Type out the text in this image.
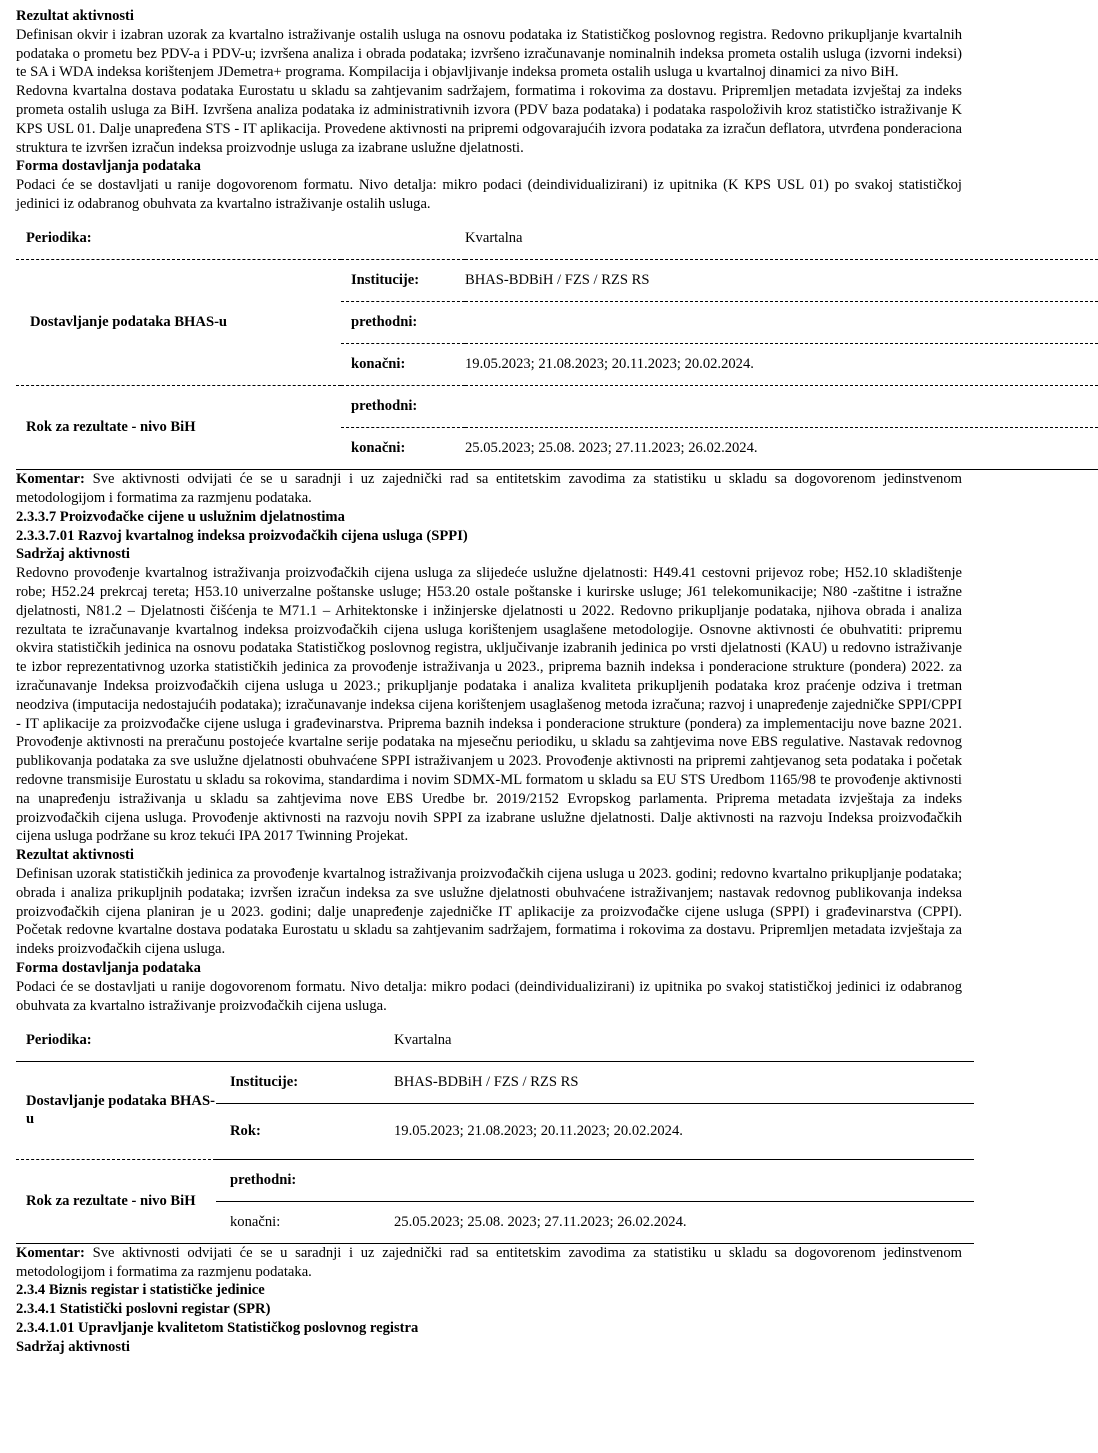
Rezultat aktivnosti

Definisan okvir i izabran uzorak za kvartalno istraživanje ostalih usluga na osnovu podataka iz Statističkog poslovnog registra. Redovno prikupljanje kvartalnih podataka o prometu bez PDV-a i PDV-u; izvršena analiza i obrada podataka; izvršeno izračunavanje nominalnih indeksa prometa ostalih usluga (izvorni indeksi) te SA i WDA indeksa korištenjem JDemetra+ programa. Kompilacija i objavljivanje indeksa prometa ostalih usluga u kvartalnoj dinamici za nivo BiH.

Redovna kvartalna dostava podataka Eurostatu u skladu sa zahtjevanim sadržajem, formatima i rokovima za dostavu. Pripremljen metadata izvještaj za indeks prometa ostalih usluga za BiH. Izvršena analiza podataka iz administrativnih izvora (PDV baza podataka) i podataka raspoloživih kroz statističko istraživanje K KPS USL 01. Dalje unapređena STS - IT aplikacija. Provedene aktivnosti na pripremi odgovarajućih izvora podataka za izračun deflatora, utvrđena ponderaciona struktura te izvršen izračun indeksa proizvodnje usluga za izabrane uslužne djelatnosti.

Forma dostavljanja podataka

Podaci će se dostavljati u ranije dogovorenom formatu. Nivo detalja: mikro podaci (deindividualizirani) iz upitnika (K KPS USL 01) po svakoj statističkoj jedinici iz odabranog obuhvata za kvartalno istraživanje ostalih usluga.

Periodika:		Kvartalna
Dostavljanje podataka BHAS-u	Institucije:	BHAS-BDBiH / FZS / RZS RS
	prethodni:	
	konačni:	19.05.2023; 21.08.2023; 20.11.2023; 20.02.2024.
Rok za rezultate - nivo BiH	prethodni:	
	konačni:	25.05.2023; 25.08. 2023; 27.11.2023; 26.02.2024.

Komentar: Sve aktivnosti odvijati će se u saradnji i uz zajednički rad sa entitetskim zavodima za statistiku u skladu sa dogovorenom jedinstvenom metodologijom i formatima za razmjenu podataka.

2.3.3.7 Proizvođačke cijene u uslužnim djelatnostima

2.3.3.7.01 Razvoj kvartalnog indeksa proizvođačkih cijena usluga (SPPI)

Sadržaj aktivnosti

Redovno provođenje kvartalnog istraživanja proizvođačkih cijena usluga za slijedeće uslužne djelatnosti: H49.41 cestovni prijevoz robe; H52.10 skladištenje robe; H52.24 prekrcaj tereta; H53.10 univerzalne poštanske usluge; H53.20 ostale poštanske i kurirske usluge; J61 telekomunikacije; N80 -zaštitne i istražne djelatnosti, N81.2 – Djelatnosti čišćenja te M71.1 – Arhitektonske i inžinjerske djelatnosti u 2022. Redovno prikupljanje podataka, njihova obrada i analiza rezultata te izračunavanje kvartalnog indeksa proizvođačkih cijena usluga korištenjem usaglašene metodologije. Osnovne aktivnosti će obuhvatiti: pripremu okvira statističkih jedinica na osnovu podataka Statističkog poslovnog registra, uključivanje izabranih jedinica po vrsti djelatnosti (KAU) u redovno istraživanje te izbor reprezentativnog uzorka statističkih jedinica za provođenje istraživanja u 2023., priprema baznih indeksa i ponderacione strukture (pondera) 2022. za izračunavanje Indeksa proizvođačkih cijena usluga u 2023.; prikupljanje podataka i analiza kvaliteta prikupljenih podataka kroz praćenje odziva i tretman neodziva (imputacija nedostajućih podataka); izračunavanje indeksa cijena korištenjem usaglašenog metoda izračuna; razvoj i unapređenje zajedničke SPPI/CPPI - IT aplikacije za proizvođačke cijene usluga i građevinarstva. Priprema baznih indeksa i ponderacione strukture (pondera) za implementaciju nove bazne 2021. Provođenje aktivnosti na preračunu postojeće kvartalne serije podataka na mjesečnu periodiku, u skladu sa zahtjevima nove EBS regulative. Nastavak redovnog publikovanja podataka za sve uslužne djelatnosti obuhvaćene SPPI istraživanjem u 2023. Provođenje aktivnosti na pripremi zahtjevanog seta podataka i početak redovne transmisije Eurostatu u skladu sa rokovima, standardima i novim SDMX-ML formatom u skladu sa EU STS Uredbom 1165/98 te provođenje aktivnosti na unapređenju istraživanja u skladu sa zahtjevima nove EBS Uredbe br. 2019/2152 Evropskog parlamenta. Priprema metadata izvještaja za indeks proizvođačkih cijena usluga. Provođenje aktivnosti na razvoju novih SPPI za izabrane uslužne djelatnosti. Dalje aktivnosti na razvoju Indeksa proizvođačkih cijena usluga podržane su kroz tekući IPA 2017 Twinning Projekat.

Rezultat aktivnosti

Definisan uzorak statističkih jedinica za provođenje kvartalnog istraživanja proizvođačkih cijena usluga u 2023. godini; redovno kvartalno prikupljanje podataka; obrada i analiza prikupljnih podataka; izvršen izračun indeksa za sve uslužne djelatnosti obuhvaćene istraživanjem; nastavak redovnog publikovanja indeksa proizvođačkih cijena planiran je u 2023. godini; dalje unapređenje zajedničke IT aplikacije za proizvođačke cijene usluga (SPPI) i građevinarstva (CPPI). Početak redovne kvartalne dostava podataka Eurostatu u skladu sa zahtjevanim sadržajem, formatima i rokovima za dostavu. Pripremljen metadata izvještaja za indeks proizvođačkih cijena usluga.

Forma dostavljanja podataka

Podaci će se dostavljati u ranije dogovorenom formatu. Nivo detalja: mikro podaci (deindividualizirani) iz upitnika po svakoj statističkoj jedinici iz odabranog obuhvata za kvartalno istraživanje proizvođačkih cijena usluga.

Periodika:		Kvartalna
Dostavljanje podataka BHAS-u	Institucije:	BHAS-BDBiH / FZS / RZS RS
	Rok:	19.05.2023; 21.08.2023; 20.11.2023; 20.02.2024.
Rok za rezultate - nivo BiH	prethodni:	
	konačni:	25.05.2023; 25.08. 2023; 27.11.2023; 26.02.2024.

Komentar: Sve aktivnosti odvijati će se u saradnji i uz zajednički rad sa entitetskim zavodima za statistiku u skladu sa dogovorenom jedinstvenom metodologijom i formatima za razmjenu podataka.

2.3.4 Biznis registar i statističke jedinice

2.3.4.1 Statistički poslovni registar (SPR)

2.3.4.1.01 Upravljanje kvalitetom Statističkog poslovnog registra

Sadržaj aktivnosti
